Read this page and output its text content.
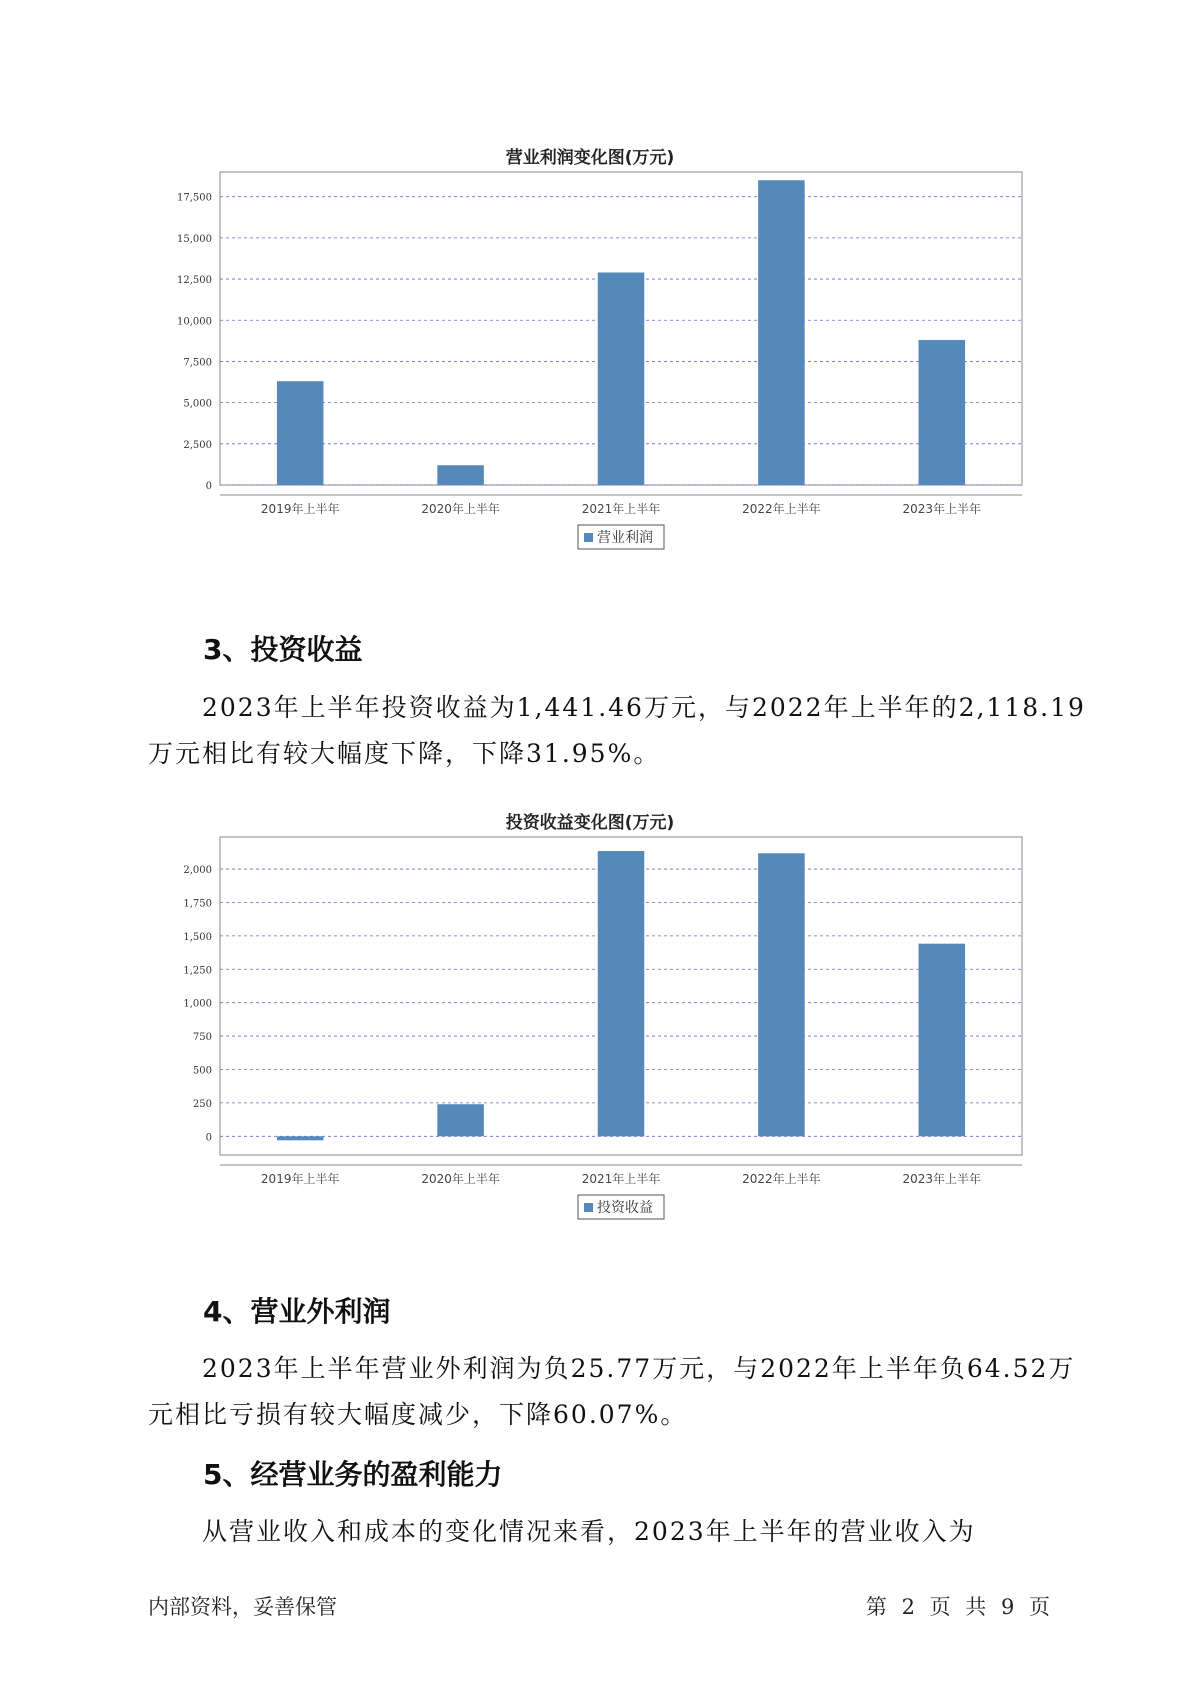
营业利润变化图(万元)
0
2,500
5,000
7,500
10,000
12,500
15,000
17,500
2019年上半年	2020年上半年	2021年上半年	2022年上半年	2023年上半年
营业利润
3、投资收益
2023年上半年投资收益为1,441.46万元，与2022年上半年的2,118.19
万元相比有较大幅度下降，下降31.95%。
投资收益变化图(万元)
0
250
500
750
1,000
1,250
1,500
1,750
2,000
2019年上半年	2020年上半年	2021年上半年	2022年上半年	2023年上半年
投资收益
4、营业外利润
2023年上半年营业外利润为负25.77万元，与2022年上半年负64.52万
元相比亏损有较大幅度减少，下降60.07%。
5、经营业务的盈利能力
从营业收入和成本的变化情况来看，2023年上半年的营业收入为
内部资料，妥善保管	第 2 页 共 9 页
